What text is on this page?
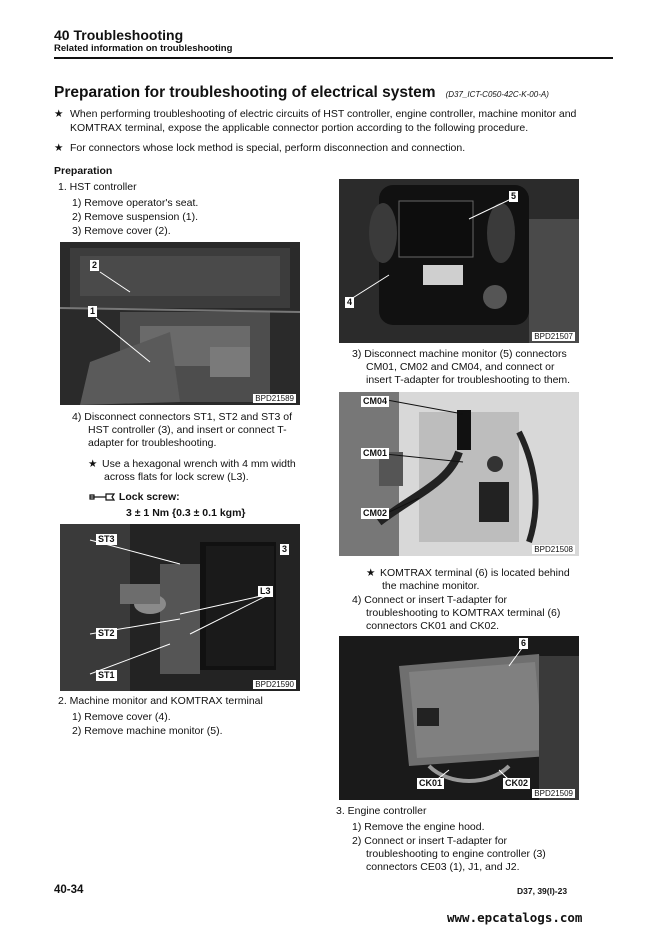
40 Troubleshooting
Related information on troubleshooting
Preparation for troubleshooting of electrical system (D37_ICT-C050-42C-K-00-A)
★ When performing troubleshooting of electric circuits of HST controller, engine controller, machine monitor and KOMTRAX terminal, expose the applicable connector portion according to the following procedure.
★ For connectors whose lock method is special, perform disconnection and connection.
Preparation
1. HST controller
1) Remove operator's seat.
2) Remove suspension (1).
3) Remove cover (2).
2
1
BPD21589
4) Disconnect connectors ST1, ST2 and ST3 of
HST controller (3), and insert or connect T-
adapter for troubleshooting.
★ Use a hexagonal wrench with 4 mm width
across flats for lock screw (L3).
Lock screw:
3 ± 1 Nm {0.3 ± 0.1 kgm}
ST3
3
L3
ST2
ST1
BPD21590
2. Machine monitor and KOMTRAX terminal
1) Remove cover (4).
2) Remove machine monitor (5).
5
4
BPD21507
3) Disconnect machine monitor (5) connectors
CM01, CM02 and CM04, and connect or
insert T-adapter for troubleshooting to them.
CM04
CM01
CM02
BPD21508
★ KOMTRAX terminal (6) is located behind
the machine monitor.
4) Connect or insert T-adapter for
troubleshooting to KOMTRAX terminal (6)
connectors CK01 and CK02.
6
CK01	CK02
BPD21509
3. Engine controller
1) Remove the engine hood.
2) Connect or insert T-adapter for
troubleshooting to engine controller (3)
connectors CE03 (1), J1, and J2.
40-34	D37, 39(I)-23
www.epcatalogs.com
